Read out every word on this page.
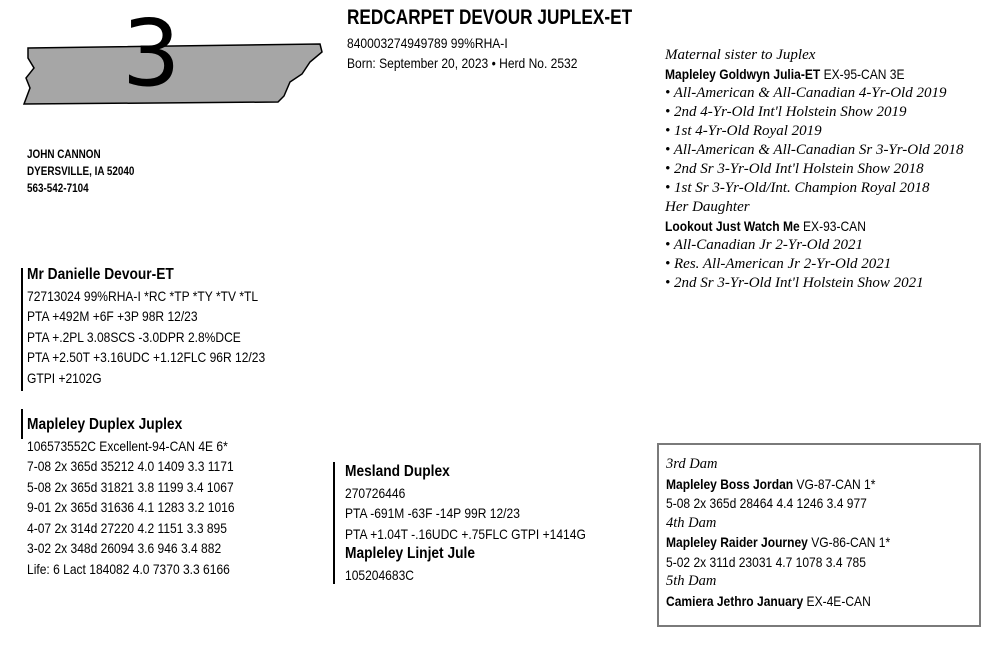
3	REDCARPET DEVOUR JUPLEX-ET
840003274949789 99%RHA-I
Born: September 20, 2023 • Herd No. 2532
JOHN CANNON
DYERSVILLE, IA 52040
563-542-7104
Maternal sister to Juplex
Mapleley Goldwyn Julia-ET EX-95-CAN 3E
• All-American & All-Canadian 4-Yr-Old 2019
• 2nd 4-Yr-Old Int'l Holstein Show 2019
• 1st 4-Yr-Old Royal 2019
• All-American & All-Canadian Sr 3-Yr-Old 2018
• 2nd Sr 3-Yr-Old Int'l Holstein Show 2018
• 1st Sr 3-Yr-Old/Int. Champion Royal 2018
Her Daughter
Lookout Just Watch Me EX-93-CAN
• All-Canadian Jr 2-Yr-Old 2021
• Res. All-American Jr 2-Yr-Old 2021
• 2nd Sr 3-Yr-Old Int'l Holstein Show 2021
Mr Danielle Devour-ET
72713024 99%RHA-I *RC *TP *TY *TV *TL
PTA +492M +6F +3P 98R 12/23
PTA +.2PL 3.08SCS -3.0DPR 2.8%DCE
PTA +2.50T +3.16UDC +1.12FLC 96R 12/23
GTPI +2102G
Mapleley Duplex Juplex
106573552C Excellent-94-CAN 4E 6*
7-08 2x 365d 35212 4.0 1409 3.3 1171
5-08 2x 365d 31821 3.8 1199 3.4 1067
9-01 2x 365d 31636 4.1 1283 3.2 1016
4-07 2x 314d 27220 4.2 1151 3.3 895
3-02 2x 348d 26094 3.6 946 3.4 882
Life: 6 Lact 184082 4.0 7370 3.3 6166
Mesland Duplex
270726446
PTA -691M -63F -14P 99R 12/23
PTA +1.04T -.16UDC +.75FLC GTPI +1414G
Mapleley Linjet Jule
105204683C
3rd Dam
Mapleley Boss Jordan VG-87-CAN 1*
5-08 2x 365d 28464 4.4 1246 3.4 977
4th Dam
Mapleley Raider Journey VG-86-CAN 1*
5-02 2x 311d 23031 4.7 1078 3.4 785
5th Dam
Camiera Jethro January EX-4E-CAN
